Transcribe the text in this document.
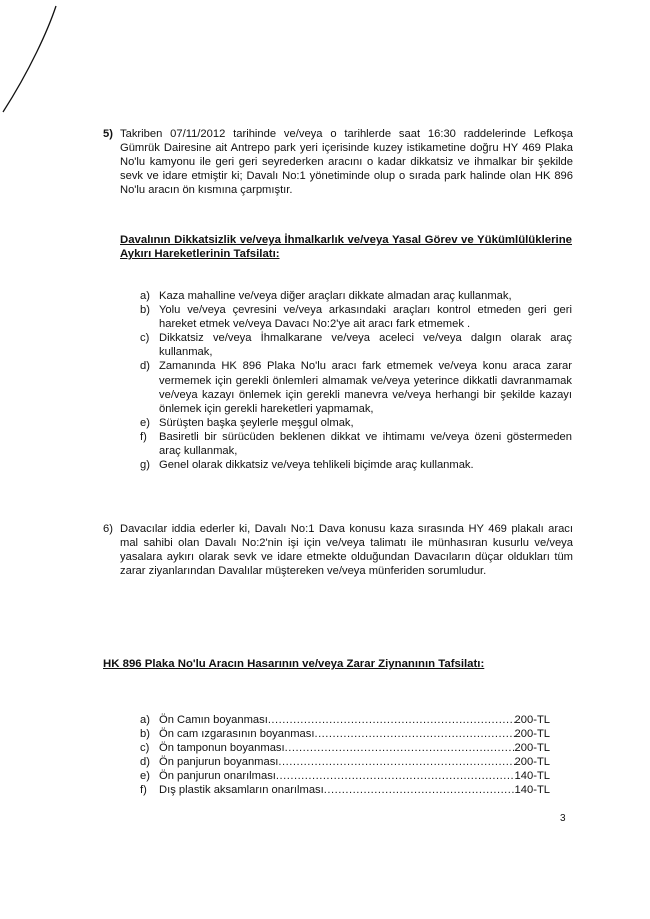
5) Takriben 07/11/2012 tarihinde ve/veya o tarihlerde saat 16:30 raddelerinde Lefkoşa Gümrük Dairesine ait Antrepo park yeri içerisinde kuzey istikametine doğru HY 469 Plaka No'lu kamyonu ile geri geri seyrederken aracını o kadar dikkatsiz ve ihmalkar bir şekilde sevk ve idare etmiştir ki; Davalı No:1 yönetiminde olup o sırada park halinde olan HK 896 No'lu aracın ön kısmına çarpmıştır.
Davalının Dikkatsizlik ve/veya İhmalkarlık ve/veya Yasal Görev ve Yükümlülüklerine Aykırı Hareketlerinin Tafsilatı:
a) Kaza mahalline ve/veya diğer araçları dikkate almadan araç kullanmak,
b) Yolu ve/veya çevresini ve/veya arkasındaki araçları kontrol etmeden geri geri hareket etmek ve/veya Davacı No:2'ye ait aracı fark etmemek .
c) Dikkatsiz ve/veya İhmalkarane ve/veya aceleci ve/veya dalgın olarak araç kullanmak,
d) Zamanında HK 896 Plaka No'lu aracı fark etmemek ve/veya konu araca zarar vermemek için gerekli önlemleri almamak ve/veya yeterince dikkatli davranmamak ve/veya kazayı önlemek için gerekli manevra ve/veya herhangi bir şekilde kazayı önlemek için gerekli hareketleri yapmamak,
e) Sürüşten başka şeylerle meşgul olmak,
f) Basiretli bir sürücüden beklenen dikkat ve ihtimamı ve/veya özeni göstermeden araç kullanmak,
g) Genel olarak dikkatsiz ve/veya tehlikeli biçimde araç kullanmak.
6) Davacılar iddia ederler ki, Davalı No:1 Dava konusu kaza sırasında HY 469 plakalı aracı mal sahibi olan Davalı No:2'nin işi için ve/veya talimatı ile münhasıran kusurlu ve/veya yasalara aykırı olarak sevk ve idare etmekte olduğundan Davacıların düçar oldukları tüm zarar ziyanlarından Davalılar müştereken ve/veya münferiden sorumludur.
HK 896 Plaka No'lu Aracın Hasarının ve/veya Zarar Ziynanının Tafsilatı:
a) Ön Camın boyanması .....	200-TL
b) Ön cam ızgarasının boyanması .....	200-TL
c) Ön tamponun boyanması .....	200-TL
d) Ön panjurun boyanması .....	200-TL
e) Ön panjurun onarılması .....	140-TL
f) Dış plastik aksamların onarılması .....	140-TL
3
